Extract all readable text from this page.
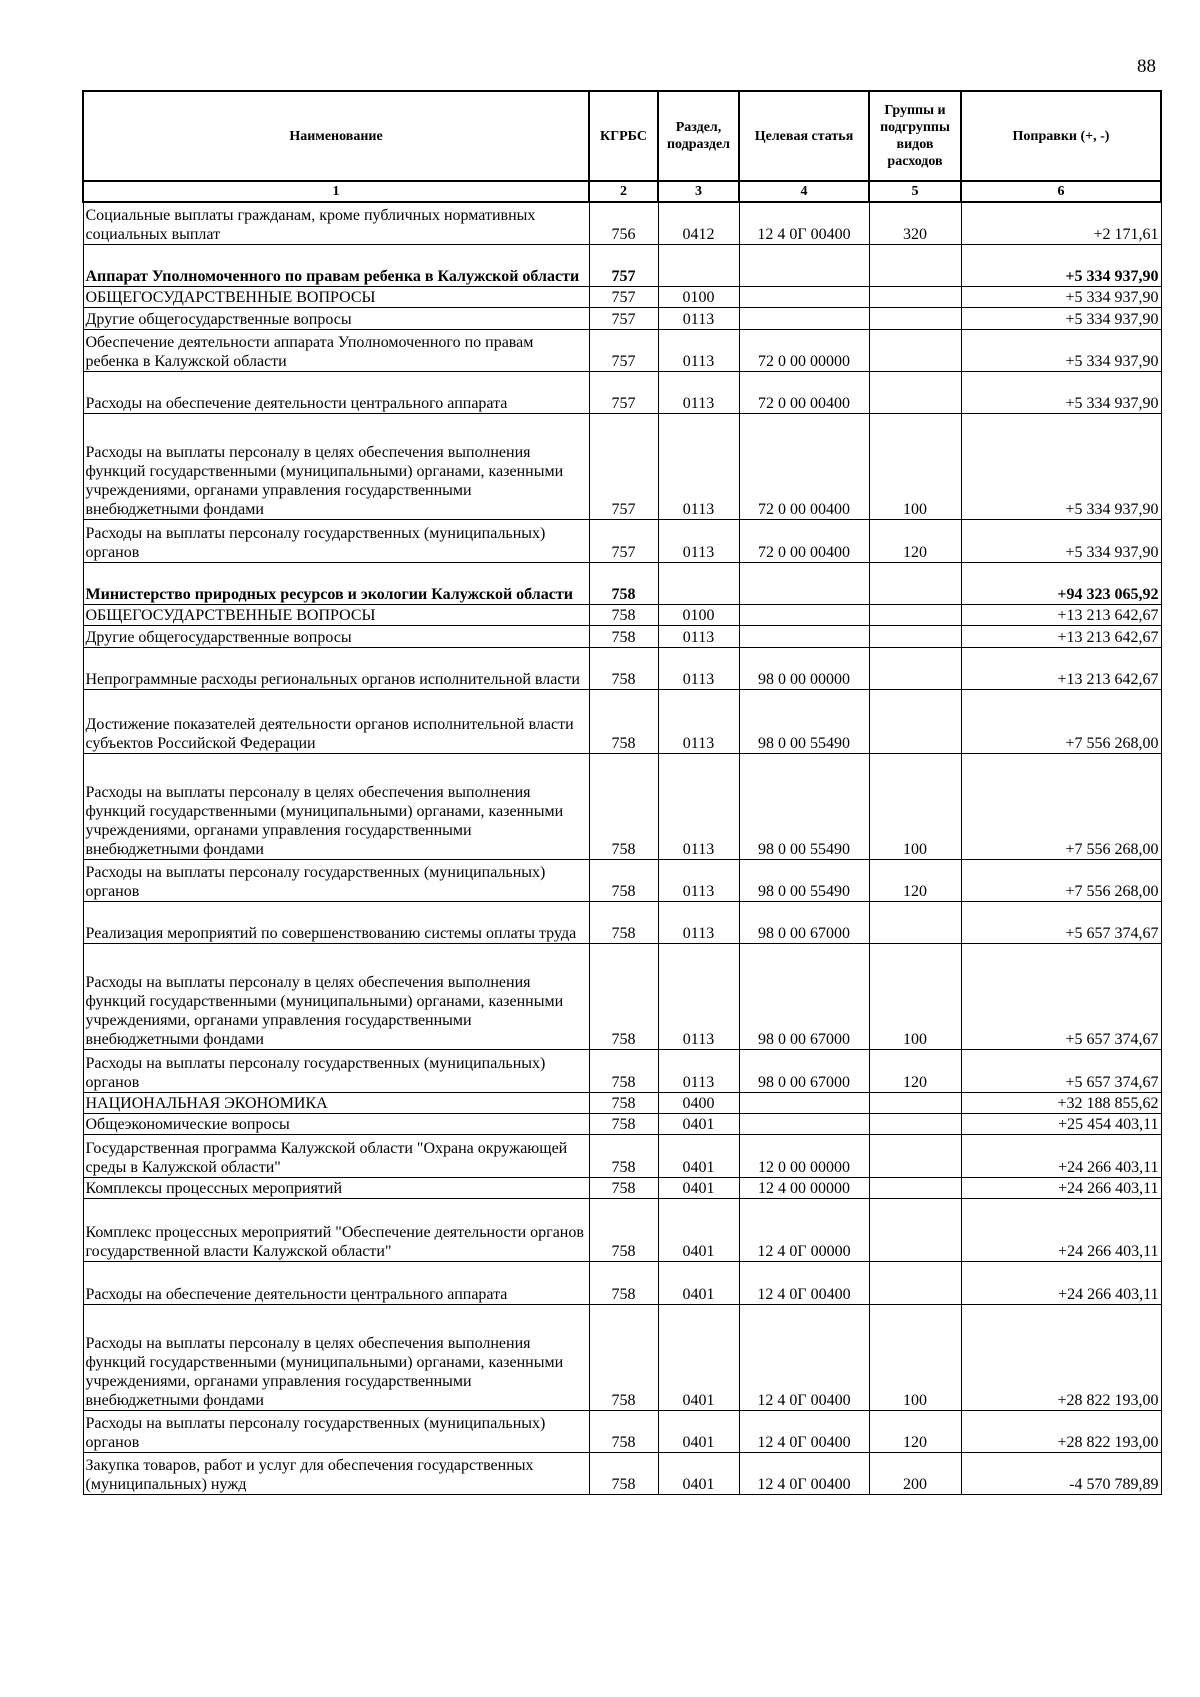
88
Наименование	КГРБС	Раздел, подраздел	Целевая статья	Группы и подгруппы видов расходов	Поправки (+, -)
1	2	3	4	5	6
Социальные выплаты гражданам, кроме публичных нормативных социальных выплат	756	0412	12 4 0Г 00400	320	+2 171,61
Аппарат Уполномоченного по правам ребенка в Калужской области	757				+5 334 937,90
ОБЩЕГОСУДАРСТВЕННЫЕ ВОПРОСЫ	757	0100			+5 334 937,90
Другие общегосударственные вопросы	757	0113			+5 334 937,90
Обеспечение деятельности аппарата Уполномоченного по правам ребенка в Калужской области	757	0113	72 0 00 00000		+5 334 937,90
Расходы на обеспечение деятельности центрального аппарата	757	0113	72 0 00 00400		+5 334 937,90
Расходы на выплаты персоналу в целях обеспечения выполнения функций государственными (муниципальными) органами, казенными учреждениями, органами управления государственными внебюджетными фондами	757	0113	72 0 00 00400	100	+5 334 937,90
Расходы на выплаты персоналу государственных (муниципальных) органов	757	0113	72 0 00 00400	120	+5 334 937,90
Министерство природных ресурсов и экологии Калужской области	758				+94 323 065,92
ОБЩЕГОСУДАРСТВЕННЫЕ ВОПРОСЫ	758	0100			+13 213 642,67
Другие общегосударственные вопросы	758	0113			+13 213 642,67
Непрограммные расходы региональных органов исполнительной власти	758	0113	98 0 00 00000		+13 213 642,67
Достижение показателей деятельности органов исполнительной власти субъектов Российской Федерации	758	0113	98 0 00 55490		+7 556 268,00
Расходы на выплаты персоналу в целях обеспечения выполнения функций государственными (муниципальными) органами, казенными учреждениями, органами управления государственными внебюджетными фондами	758	0113	98 0 00 55490	100	+7 556 268,00
Расходы на выплаты персоналу государственных (муниципальных) органов	758	0113	98 0 00 55490	120	+7 556 268,00
Реализация мероприятий по совершенствованию системы оплаты труда	758	0113	98 0 00 67000		+5 657 374,67
Расходы на выплаты персоналу в целях обеспечения выполнения функций государственными (муниципальными) органами, казенными учреждениями, органами управления государственными внебюджетными фондами	758	0113	98 0 00 67000	100	+5 657 374,67
Расходы на выплаты персоналу государственных (муниципальных) органов	758	0113	98 0 00 67000	120	+5 657 374,67
НАЦИОНАЛЬНАЯ ЭКОНОМИКА	758	0400			+32 188 855,62
Общеэкономические вопросы	758	0401			+25 454 403,11
Государственная программа Калужской области "Охрана окружающей среды в Калужской области"	758	0401	12 0 00 00000		+24 266 403,11
Комплексы процессных мероприятий	758	0401	12 4 00 00000		+24 266 403,11
Комплекс процессных мероприятий "Обеспечение деятельности органов государственной власти Калужской области"	758	0401	12 4 0Г 00000		+24 266 403,11
Расходы на обеспечение деятельности центрального аппарата	758	0401	12 4 0Г 00400		+24 266 403,11
Расходы на выплаты персоналу в целях обеспечения выполнения функций государственными (муниципальными) органами, казенными учреждениями, органами управления государственными внебюджетными фондами	758	0401	12 4 0Г 00400	100	+28 822 193,00
Расходы на выплаты персоналу государственных (муниципальных) органов	758	0401	12 4 0Г 00400	120	+28 822 193,00
Закупка товаров, работ и услуг для обеспечения государственных (муниципальных) нужд	758	0401	12 4 0Г 00400	200	-4 570 789,89
